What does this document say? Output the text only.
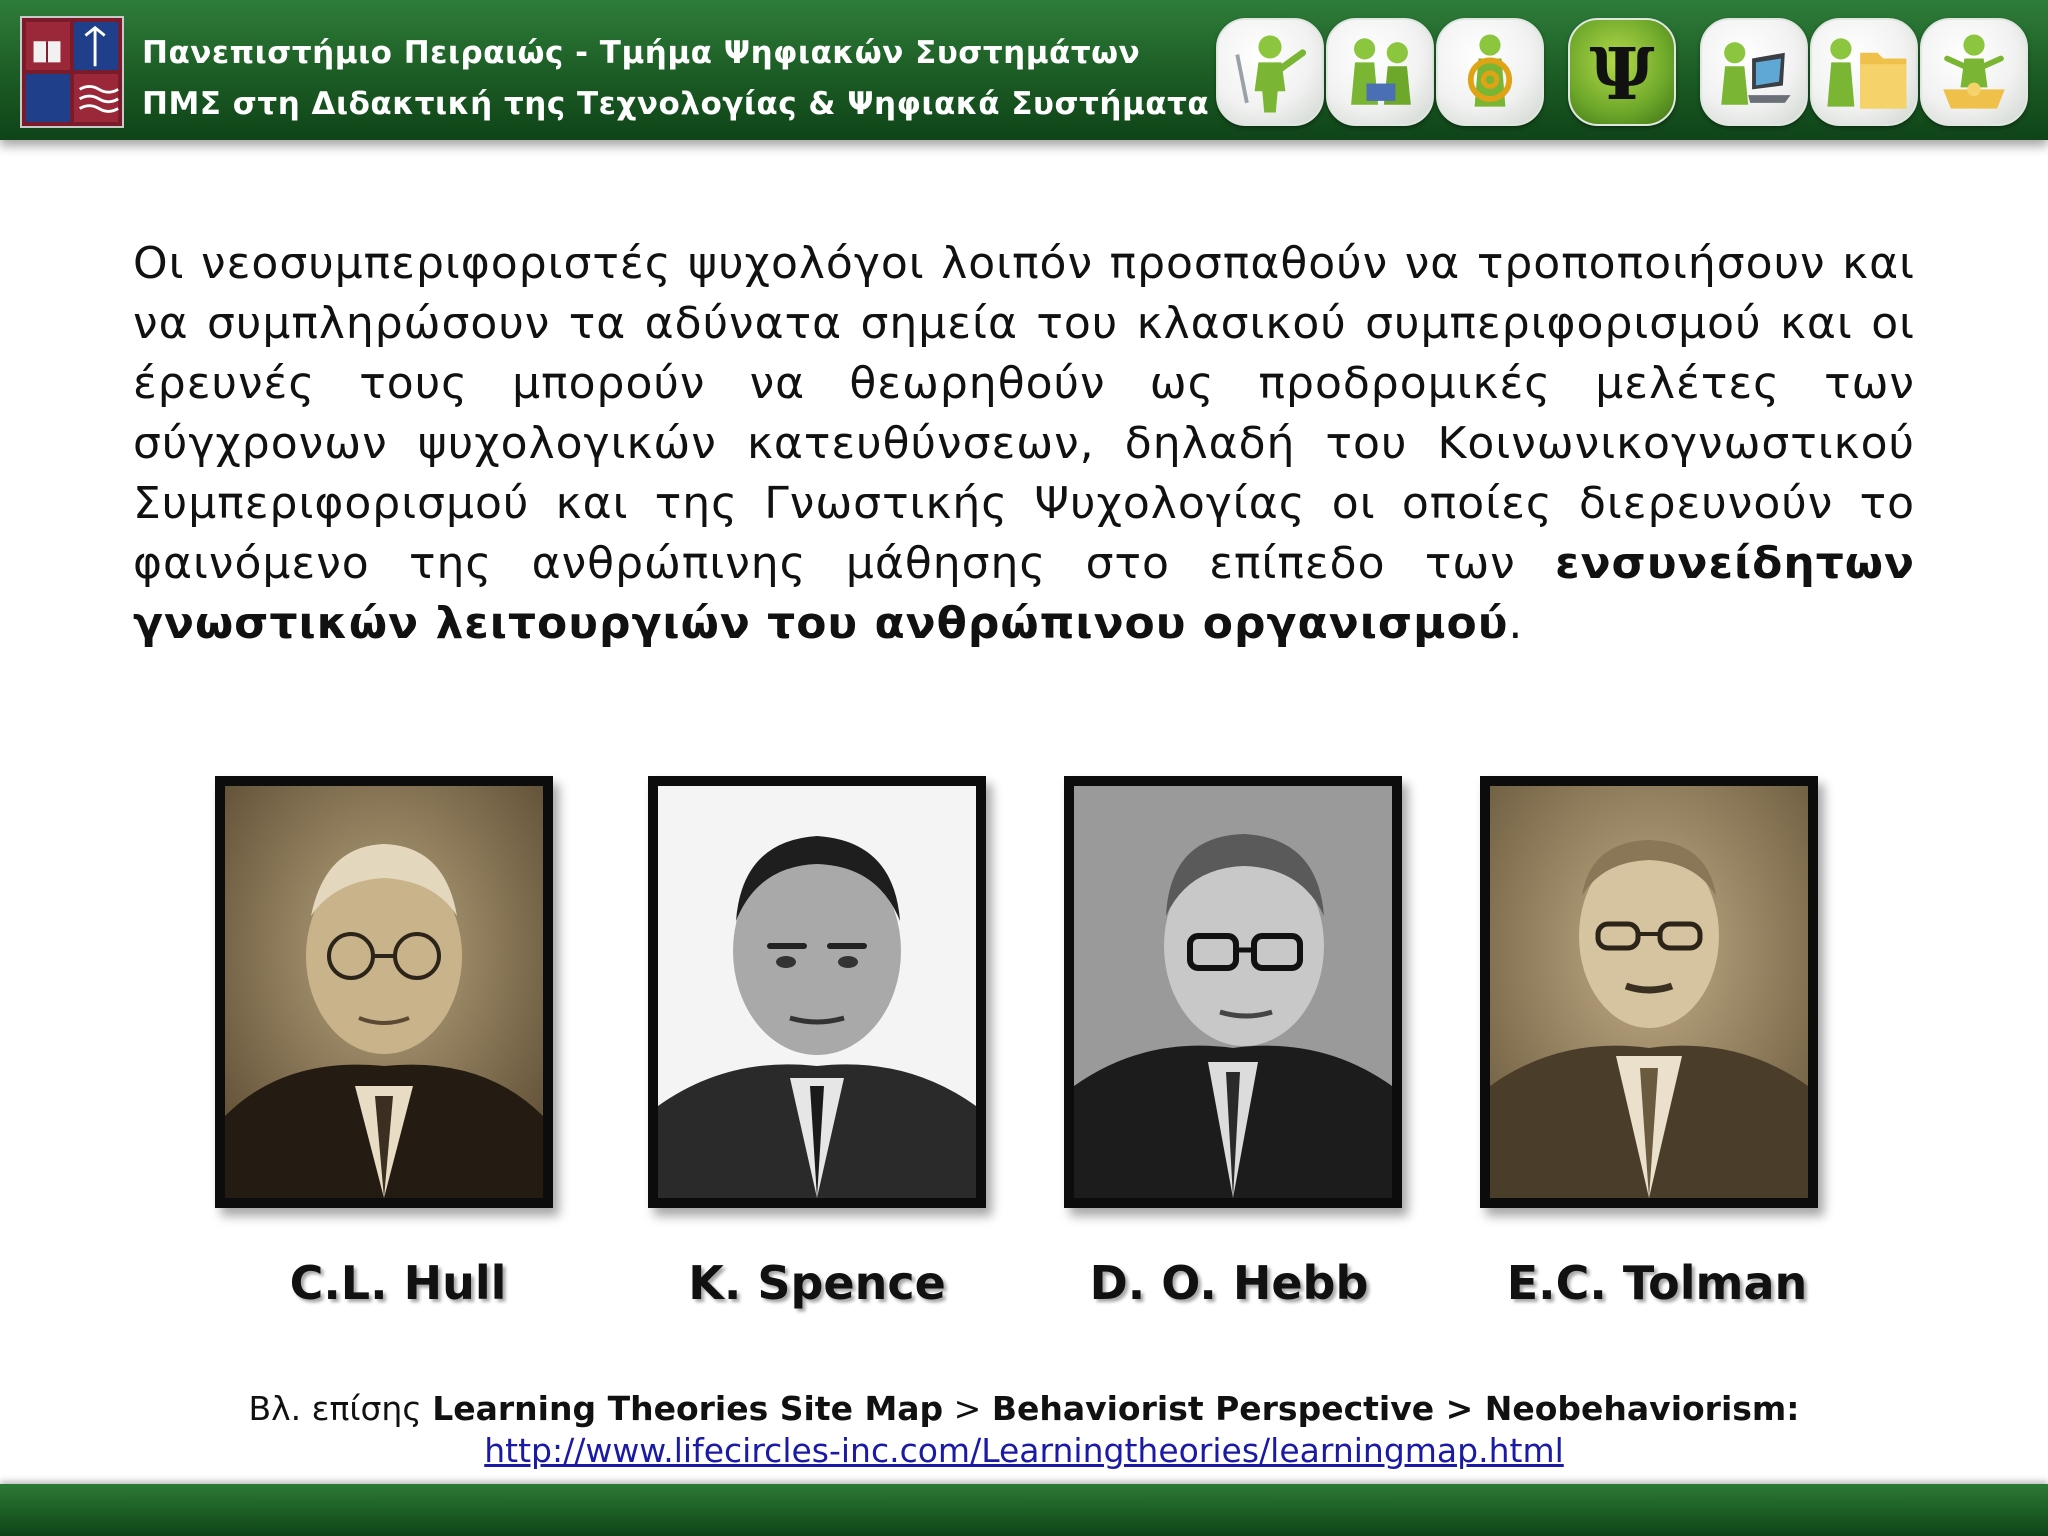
Πανεπιστήμιο Πειραιώς - Τμήμα Ψηφιακών Συστημάτων
ΠΜΣ στη Διδακτική της Τεχνολογίας & Ψηφιακά Συστήματα	Ψ
Οι νεοσυμπεριφοριστές ψυχολόγοι λοιπόν προσπαθούν να τροποποιήσουν και να συμπληρώσουν τα αδύνατα σημεία του κλασικού συμπεριφορισμού και οι έρευνές τους μπορούν να θεωρηθούν ως προδρομικές μελέτες των σύγχρονων ψυχολογικών κατευθύνσεων, δηλαδή του Κοινωνικογνωστικού Συμπεριφορισμού και της Γνωστικής Ψυχολογίας οι οποίες διερευνούν το φαινόμενο της ανθρώπινης μάθησης στο επίπεδο των ενσυνείδητων γνωστικών λειτουργιών του ανθρώπινου οργανισμού.
C.L. Hull	K. Spence	D. O. Hebb	E.C. Tolman
Βλ. επίσης Learning Theories Site Map > Behaviorist Perspective > Neobehaviorism:
http://www.lifecircles-inc.com/Learningtheories/learningmap.html
